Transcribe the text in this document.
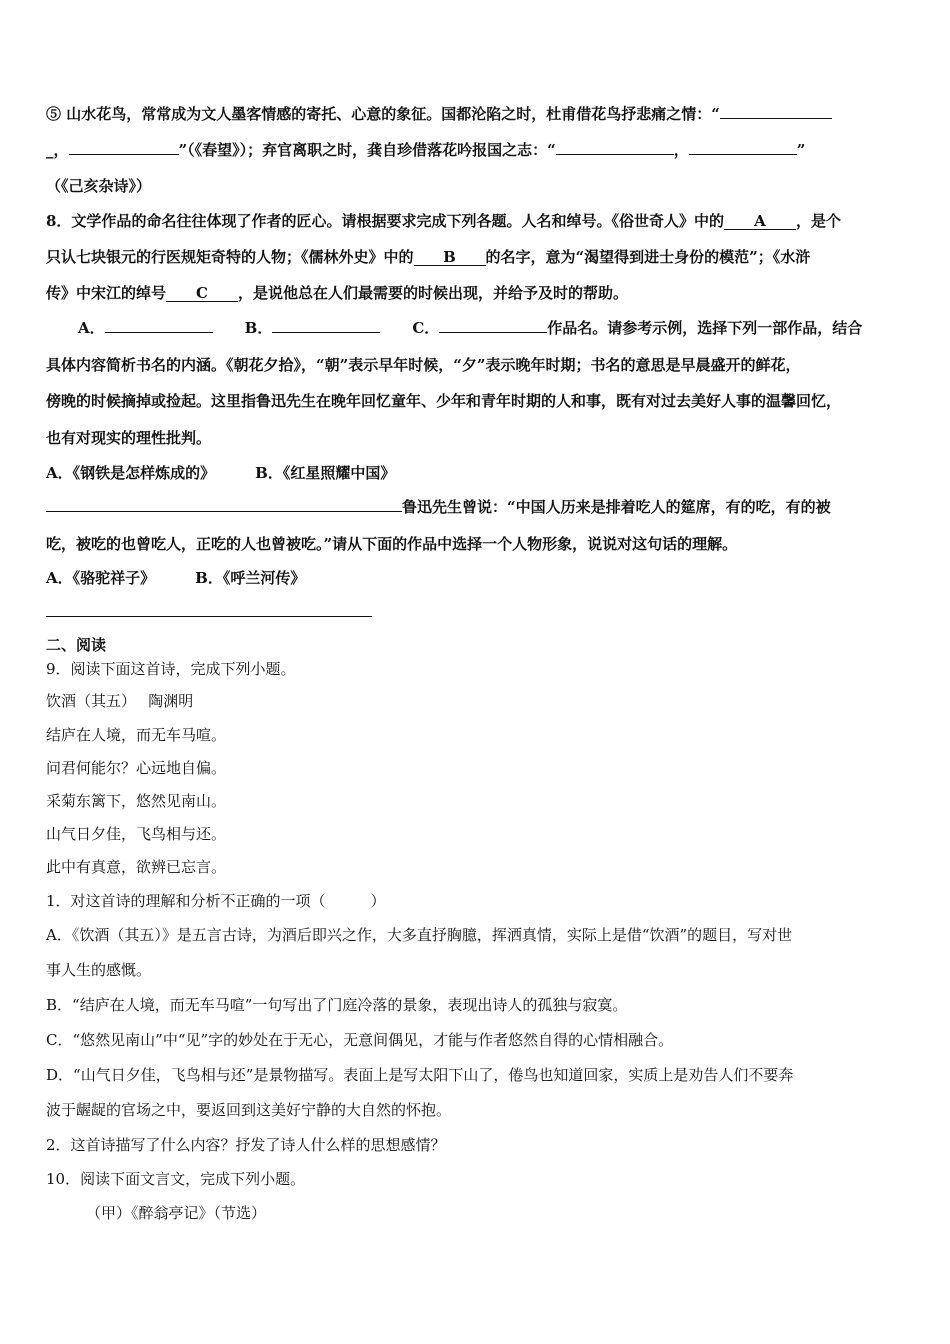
⑤ 山水花鸟，常常成为文人墨客情感的寄托、心意的象征。国都沦陷之时，杜甫借花鸟抒悲痛之情：“
_，	”（《春望》）；弃官离职之时，龚自珍借落花吟报国之志：“	，	”
（《己亥杂诗》）
8．文学作品的命名往往体现了作者的匠心。请根据要求完成下列各题。人名和绰号。《俗世奇人》中的 A ，是个
只认七块银元的行医规矩奇特的人物；《儒林外史》中的 B 的名字，意为“渴望得到进士身份的模范”；《水浒
传》中宋江的绰号 C ，是说他总在人们最需要的时候出现，并给予及时的帮助。
A．	B．	C．	作品名。请参考示例，选择下列一部作品，结合
具体内容简析书名的内涵。《朝花夕拾》，“朝”表示早年时候，“夕”表示晚年时期；书名的意思是早晨盛开的鲜花，
傍晚的时候摘掉或捡起。这里指鲁迅先生在晚年回忆童年、少年和青年时期的人和事，既有对过去美好人事的温馨回忆，
也有对现实的理性批判。
A．《钢铁是怎样炼成的》	B．《红星照耀中国》
鲁迅先生曾说：“中国人历来是排着吃人的筵席，有的吃，有的被
吃，被吃的也曾吃人，正吃的人也曾被吃。”请从下面的作品中选择一个人物形象，说说对这句话的理解。
A．《骆驼祥子》	B．《呼兰河传》
二、阅读
9．阅读下面这首诗，完成下列小题。
饮酒（其五）　 陶渊明
结庐在人境，而无车马喧。
问君何能尔？心远地自偏。
采菊东篱下，悠然见南山。
山气日夕佳，飞鸟相与还。
此中有真意，欲辨已忘言。
1．对这首诗的理解和分析不正确的一项（　　　）
A．《饮酒（其五）》是五言古诗，为酒后即兴之作，大多直抒胸臆，挥洒真情，实际上是借“饮酒”的题目，写对世
事人生的感慨。
B．“结庐在人境，而无车马喧”一句写出了门庭冷落的景象，表现出诗人的孤独与寂寞。
C．“悠然见南山”中“见”字的妙处在于无心，无意间偶见，才能与作者悠然自得的心情相融合。
D．“山气日夕佳，飞鸟相与还”是景物描写。表面上是写太阳下山了，倦鸟也知道回家，实质上是劝告人们不要奔
波于龌龊的官场之中，要返回到这美好宁静的大自然的怀抱。
2．这首诗描写了什么内容？抒发了诗人什么样的思想感情？
10．阅读下面文言文，完成下列小题。
（甲）《醉翁亭记》（节选）
